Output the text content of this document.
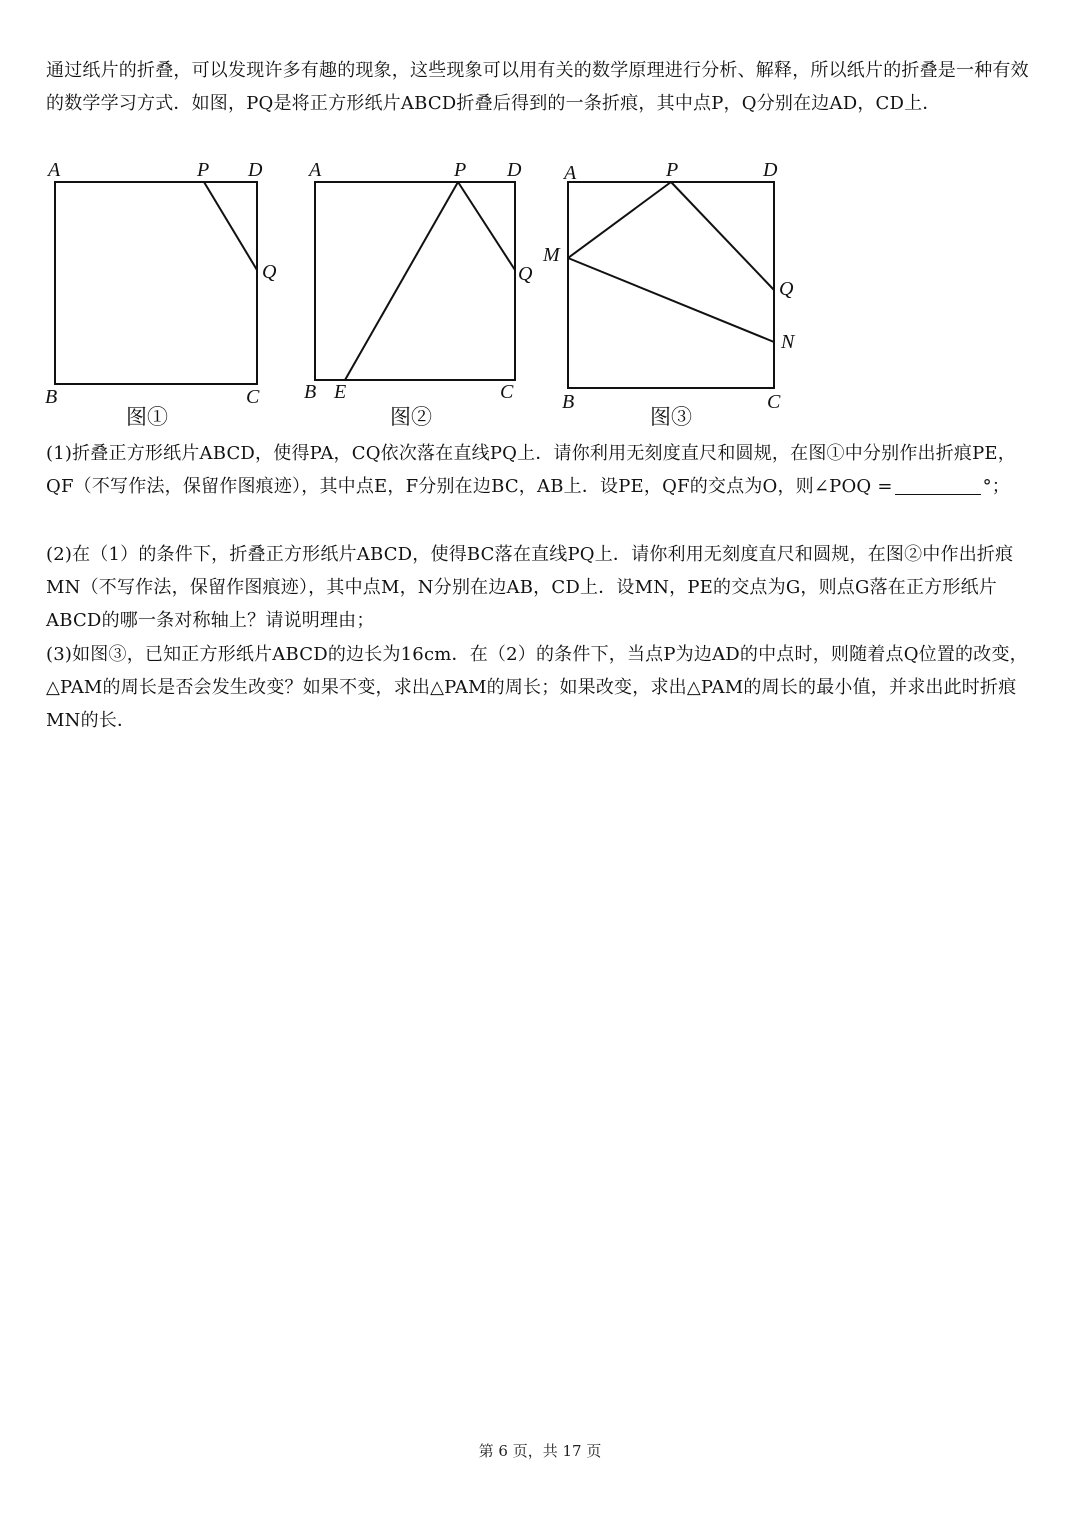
通过纸片的折叠，可以发现许多有趣的现象，这些现象可以用有关的数学原理进行分析、解释，所以纸片的折叠是一种有效的数学学习方式．如图，PQ是将正方形纸片ABCD折叠后得到的一条折痕，其中点P，Q分别在边AD，CD上．
A	P D
Q
B	C
图①
A	P D
Q
B E	C
图②
A	P	D
M
Q
N
B	C
图③
(1)折叠正方形纸片ABCD，使得PA，CQ依次落在直线PQ上．请你利用无刻度直尺和圆规，在图①中分别作出折痕PE，QF（不写作法，保留作图痕迹），其中点E，F分别在边BC，AB上．设PE，QF的交点为O，则∠POQ =	°；
(2)在（1）的条件下，折叠正方形纸片ABCD，使得BC落在直线PQ上．请你利用无刻度直尺和圆规，在图②中作出折痕MN（不写作法，保留作图痕迹），其中点M，N分别在边AB，CD上．设MN，PE的交点为G，则点G落在正方形纸片ABCD的哪一条对称轴上？请说明理由；
(3)如图③，已知正方形纸片ABCD的边长为16cm．在（2）的条件下，当点P为边AD的中点时，则随着点Q位置的改变，△PAM的周长是否会发生改变？如果不变，求出△PAM的周长；如果改变，求出△PAM的周长的最小值，并求出此时折痕MN的长．
第 6 页，共 17 页
